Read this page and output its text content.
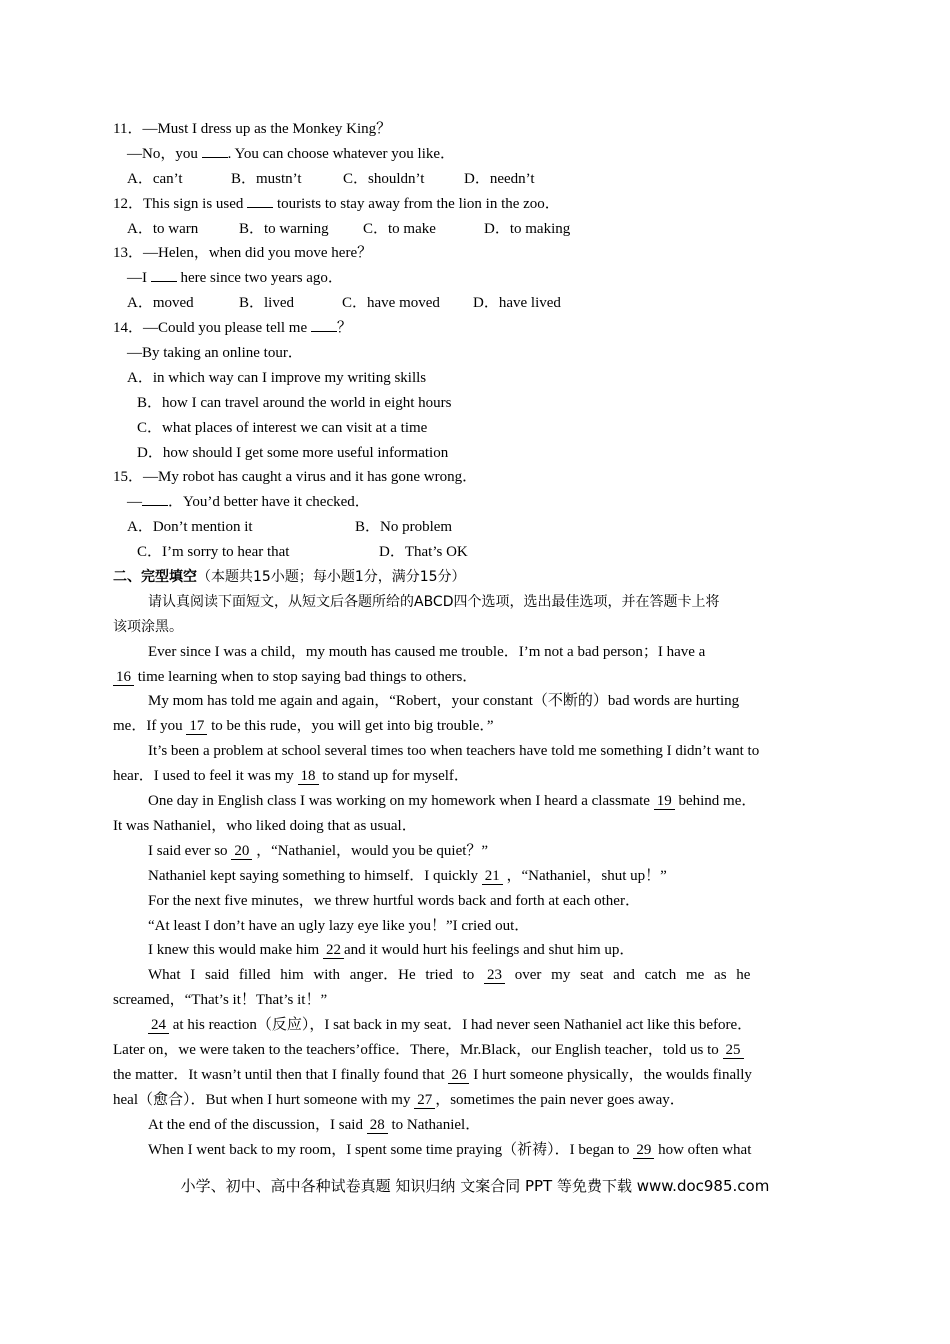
11．—Must I dress up as the Monkey King？
—No，you . You can choose whatever you like．
A．can’t	B．mustn’t	C．shouldn’t	D．needn’t
12．This sign is used tourists to stay away from the lion in the zoo．
A．to warn	B．to warning C．to make	D．to making
13．—Helen，when did you move here？
—I here since two years ago．
A．moved	B．lived	C．have moved D．have lived
14．—Could you please tell me ？
—By taking an online tour．
A．in which way can I improve my writing skills
B．how I can travel around the world in eight hours
C．what places of interest we can visit at a time
D．how should I get some more useful information
15．—My robot has caught a virus and it has gone wrong．
— ．You’d better have it checked．
A．Don’t mention it	B．No problem
C．I’m sorry to hear that	D．That’s OK
二、完型填空（本题共15小题；每小题1分，满分15分）
请认真阅读下面短文，从短文后各题所给的ABCD四个选项，选出最佳选项，并在答题卡上将
该项涂黑。
Ever since I was a child，my mouth has caused me trouble．I’m not a bad person；I have a
16 time learning when to stop saying bad things to others．
My mom has told me again and again，“Robert，your constant（不断的）bad words are hurting
me．If you 17 to be this rude，you will get into big trouble．”
It’s been a problem at school several times too when teachers have told me something I didn’t want to
hear．I used to feel it was my 18 to stand up for myself．
One day in English class I was working on my homework when I heard a classmate 19 behind me．
It was Nathaniel，who liked doing that as usual．
I said ever so 20 ，“Nathaniel，would you be quiet？”
Nathaniel kept saying something to himself．I quickly 21 ，“Nathaniel，shut up！”
For the next five minutes，we threw hurtful words back and forth at each other．
“At least I don’t have an ugly lazy eye like you！”I cried out．
I knew this would make him 22 and it would hurt his feelings and shut him up．
What I said filled him with anger．He tried to 23 over my seat and catch me as he
screamed，“That’s it！That’s it！”
24 at his reaction（反应），I sat back in my seat．I had never seen Nathaniel act like this before．
Later on，we were taken to the teachers’office．There，Mr.Black，our English teacher，told us to 25
the matter．It wasn’t until then that I finally found that 26 I hurt someone physically，the woulds finally
heal（愈合）．But when I hurt someone with my 27 ，sometimes the pain never goes away．
At the end of the discussion，I said 28 to Nathaniel．
When I went back to my room，I spent some time praying（祈祷）．I began to 29 how often what
小学、初中、高中各种试卷真题 知识归纳 文案合同 PPT 等免费下载 www.doc985.com
